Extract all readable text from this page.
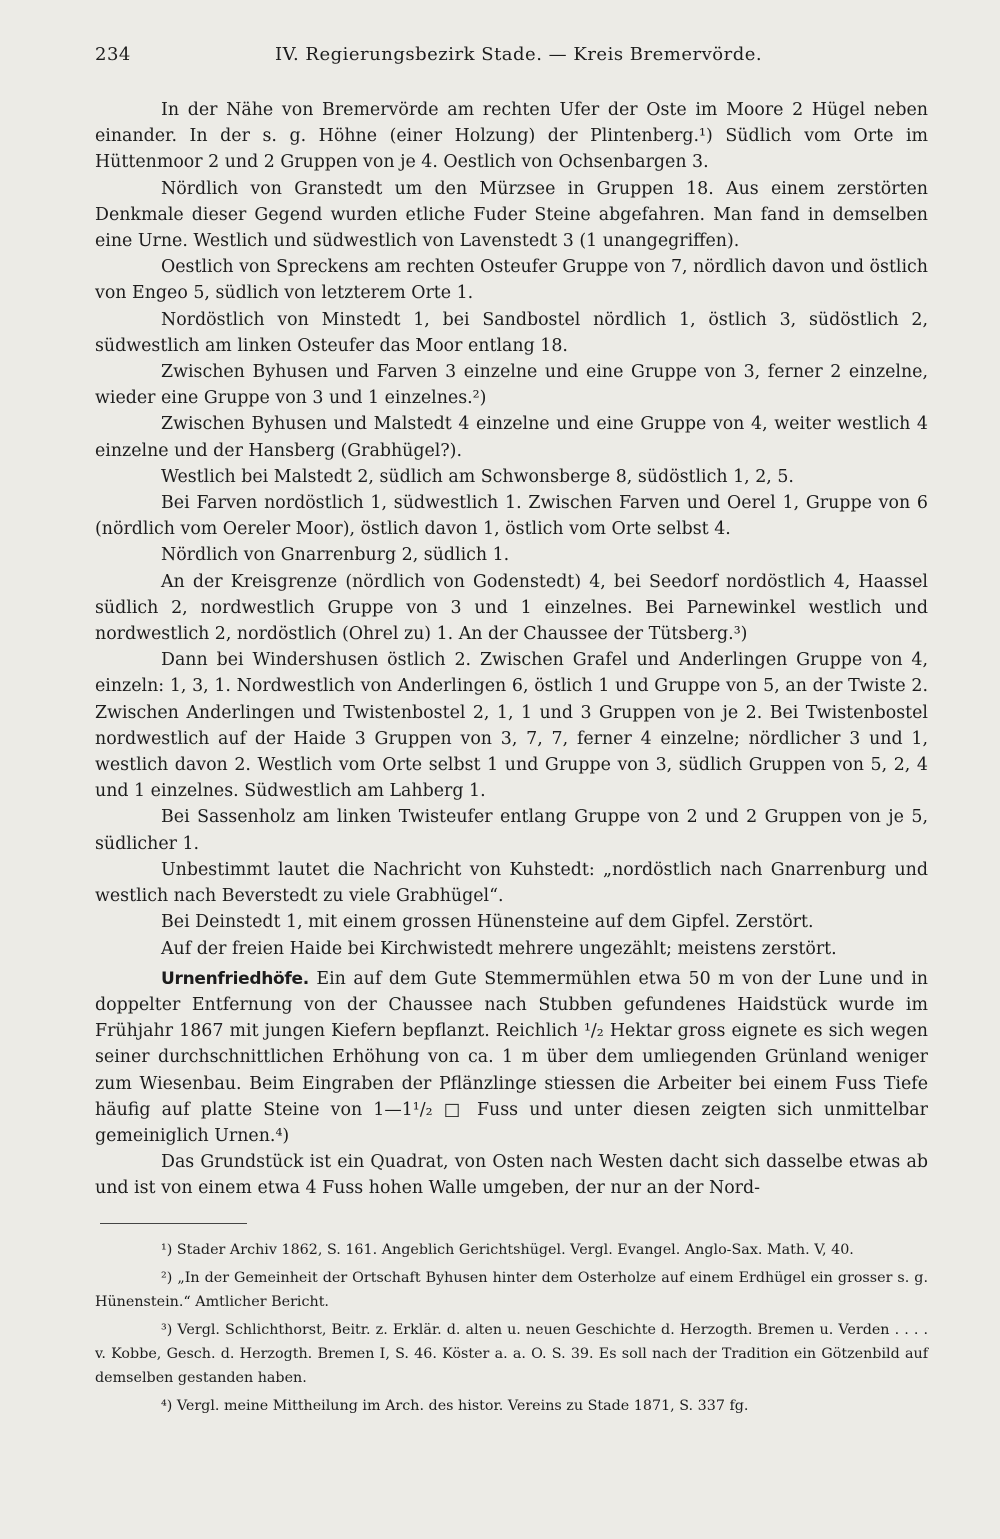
234	IV. Regierungsbezirk Stade. — Kreis Bremervörde.

In der Nähe von Bremervörde am rechten Ufer der Oste im Moore 2 Hügel neben einander. In der s. g. Höhne (einer Holzung) der Plintenberg.¹) Südlich vom Orte im Hüttenmoor 2 und 2 Gruppen von je 4. Oestlich von Ochsenbargen 3.

Nördlich von Granstedt um den Mürzsee in Gruppen 18. Aus einem zerstörten Denkmale dieser Gegend wurden etliche Fuder Steine abgefahren. Man fand in demselben eine Urne. Westlich und südwestlich von Lavenstedt 3 (1 unangegriffen).

Oestlich von Spreckens am rechten Osteufer Gruppe von 7, nördlich davon und östlich von Engeo 5, südlich von letzterem Orte 1.

Nordöstlich von Minstedt 1, bei Sandbostel nördlich 1, östlich 3, südöstlich 2, südwestlich am linken Osteufer das Moor entlang 18.

Zwischen Byhusen und Farven 3 einzelne und eine Gruppe von 3, ferner 2 einzelne, wieder eine Gruppe von 3 und 1 einzelnes.²)

Zwischen Byhusen und Malstedt 4 einzelne und eine Gruppe von 4, weiter westlich 4 einzelne und der Hansberg (Grabhügel?).

Westlich bei Malstedt 2, südlich am Schwonsberge 8, südöstlich 1, 2, 5.

Bei Farven nordöstlich 1, südwestlich 1. Zwischen Farven und Oerel 1, Gruppe von 6 (nördlich vom Oereler Moor), östlich davon 1, östlich vom Orte selbst 4.

Nördlich von Gnarrenburg 2, südlich 1.

An der Kreisgrenze (nördlich von Godenstedt) 4, bei Seedorf nordöstlich 4, Haassel südlich 2, nordwestlich Gruppe von 3 und 1 einzelnes. Bei Parnewinkel westlich und nordwestlich 2, nordöstlich (Ohrel zu) 1. An der Chaussee der Tütsberg.³)

Dann bei Windershusen östlich 2. Zwischen Grafel und Anderlingen Gruppe von 4, einzeln: 1, 3, 1. Nordwestlich von Anderlingen 6, östlich 1 und Gruppe von 5, an der Twiste 2. Zwischen Anderlingen und Twistenbostel 2, 1, 1 und 3 Gruppen von je 2. Bei Twistenbostel nordwestlich auf der Haide 3 Gruppen von 3, 7, 7, ferner 4 einzelne; nördlicher 3 und 1, westlich davon 2. Westlich vom Orte selbst 1 und Gruppe von 3, südlich Gruppen von 5, 2, 4 und 1 einzelnes. Südwestlich am Lahberg 1.

Bei Sassenholz am linken Twisteufer entlang Gruppe von 2 und 2 Gruppen von je 5, südlicher 1.

Unbestimmt lautet die Nachricht von Kuhstedt: „nordöstlich nach Gnarrenburg und westlich nach Beverstedt zu viele Grabhügel“.

Bei Deinstedt 1, mit einem grossen Hünensteine auf dem Gipfel. Zerstört.

Auf der freien Haide bei Kirchwistedt mehrere ungezählt; meistens zerstört.

Urnenfriedhöfe. Ein auf dem Gute Stemmermühlen etwa 50 m von der Lune und in doppelter Entfernung von der Chaussee nach Stubben gefundenes Haidstück wurde im Frühjahr 1867 mit jungen Kiefern bepflanzt. Reichlich ¹/₂ Hektar gross eignete es sich wegen seiner durchschnittlichen Erhöhung von ca. 1 m über dem umliegenden Grünland weniger zum Wiesenbau. Beim Eingraben der Pflänzlinge stiessen die Arbeiter bei einem Fuss Tiefe häufig auf platte Steine von 1—1¹/₂ □ Fuss und unter diesen zeigten sich unmittelbar gemeiniglich Urnen.⁴)

Das Grundstück ist ein Quadrat, von Osten nach Westen dacht sich dasselbe etwas ab und ist von einem etwa 4 Fuss hohen Walle umgeben, der nur an der Nord-

¹) Stader Archiv 1862, S. 161. Angeblich Gerichtshügel. Vergl. Evangel. Anglo-Sax. Math. V, 40.

²) „In der Gemeinheit der Ortschaft Byhusen hinter dem Osterholze auf einem Erdhügel ein grosser s. g. Hünenstein.“ Amtlicher Bericht.

³) Vergl. Schlichthorst, Beitr. z. Erklär. d. alten u. neuen Geschichte d. Herzogth. Bremen u. Verden . . . . v. Kobbe, Gesch. d. Herzogth. Bremen I, S. 46. Köster a. a. O. S. 39. Es soll nach der Tradition ein Götzenbild auf demselben gestanden haben.

⁴) Vergl. meine Mittheilung im Arch. des histor. Vereins zu Stade 1871, S. 337 fg.
